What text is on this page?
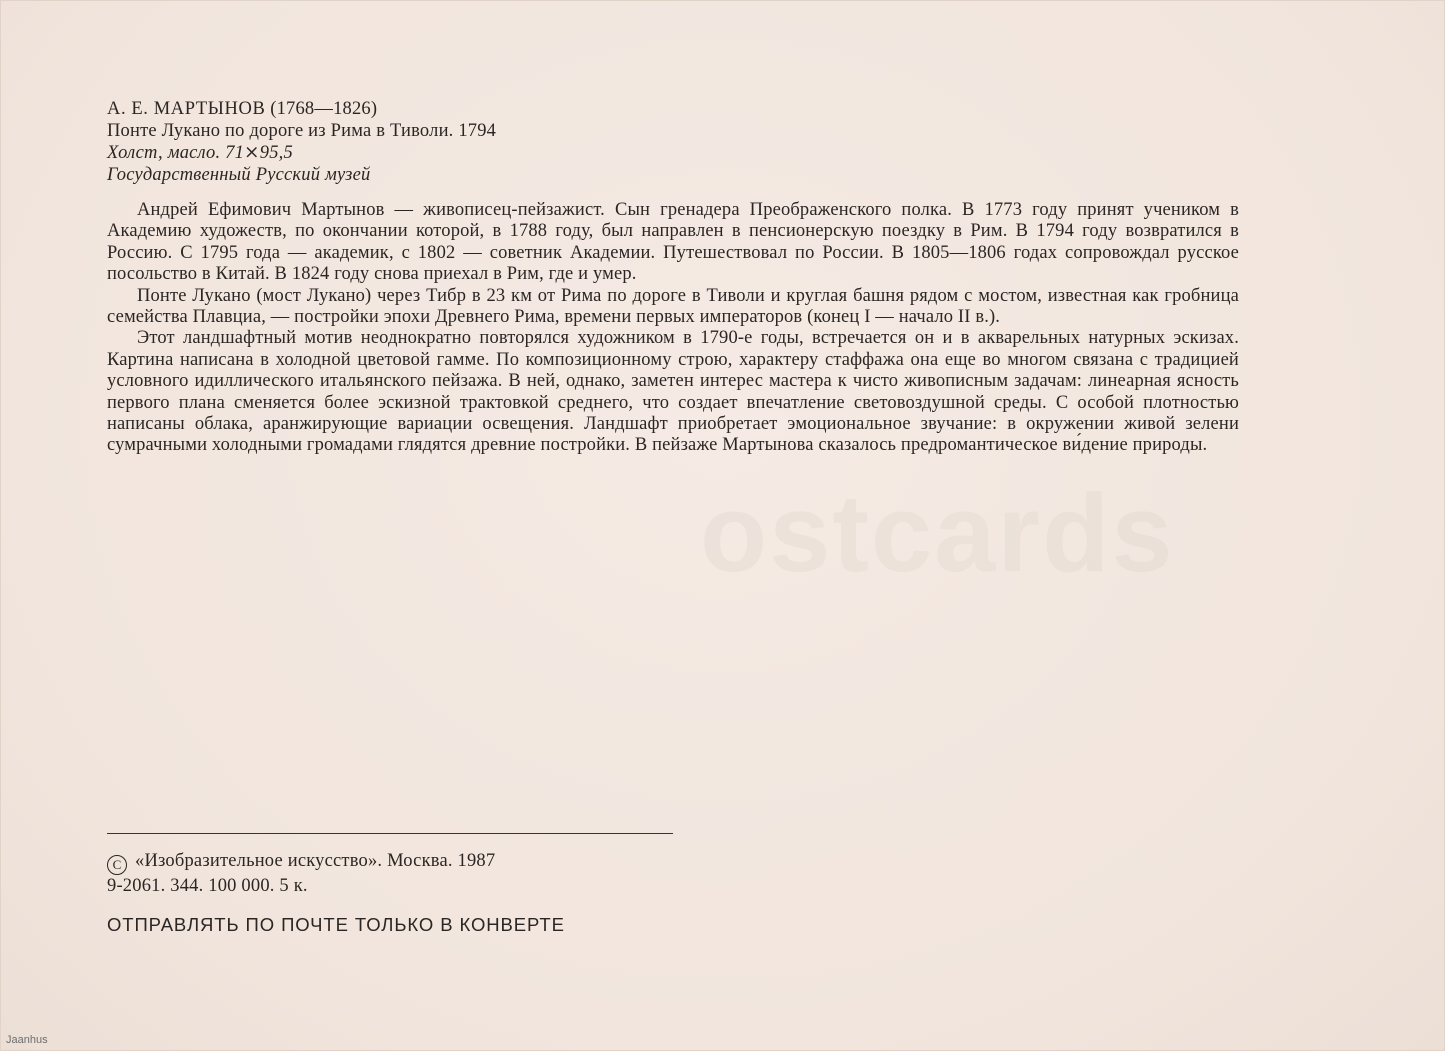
ostcards
А. Е. МАРТЫНОВ (1768—1826)
Понте Лукано по дороге из Рима в Тиволи. 1794
Холст, масло. 71⨯95,5
Государственный Русский музей

Андрей Ефимович Мартынов — живописец-пейзажист. Сын гренадера Преображенского полка. В 1773 году принят учеником в Академию художеств, по окончании которой, в 1788 году, был направлен в пенсионерскую поездку в Рим. В 1794 году возвратился в Россию. С 1795 года — академик, с 1802 — советник Академии. Путешествовал по России. В 1805—1806 годах сопровождал русское посольство в Китай. В 1824 году снова приехал в Рим, где и умер.

Понте Лукано (мост Лукано) через Тибр в 23 км от Рима по дороге в Тиволи и круглая башня рядом с мостом, известная как гробница семейства Плавциа, — постройки эпохи Древнего Рима, времени первых императоров (конец I — начало II в.).

Этот ландшафтный мотив неоднократно повторялся художником в 1790-е годы, встречается он и в акварельных натурных эскизах. Картина написана в холодной цветовой гамме. По композиционному строю, характеру стаффажа она еще во многом связана с традицией условного идиллического итальянского пейзажа. В ней, однако, заметен интерес мастера к чисто живописным задачам: линеарная ясность первого плана сменяется более эскизной трактовкой среднего, что создает впечатление световоздушной среды. С особой плотностью написаны облака, аранжирующие вариации освещения. Ландшафт приобретает эмоциональное звучание: в окружении живой зелени сумрачными холодными громадами глядятся древние постройки. В пейзаже Мартынова сказалось предромантическое ви́дение природы.

C «Изобразительное искусство». Москва. 1987
9-2061. 344. 100 000. 5 к.
ОТПРАВЛЯТЬ ПО ПОЧТЕ ТОЛЬКО В КОНВЕРТЕ
Jaanhus
